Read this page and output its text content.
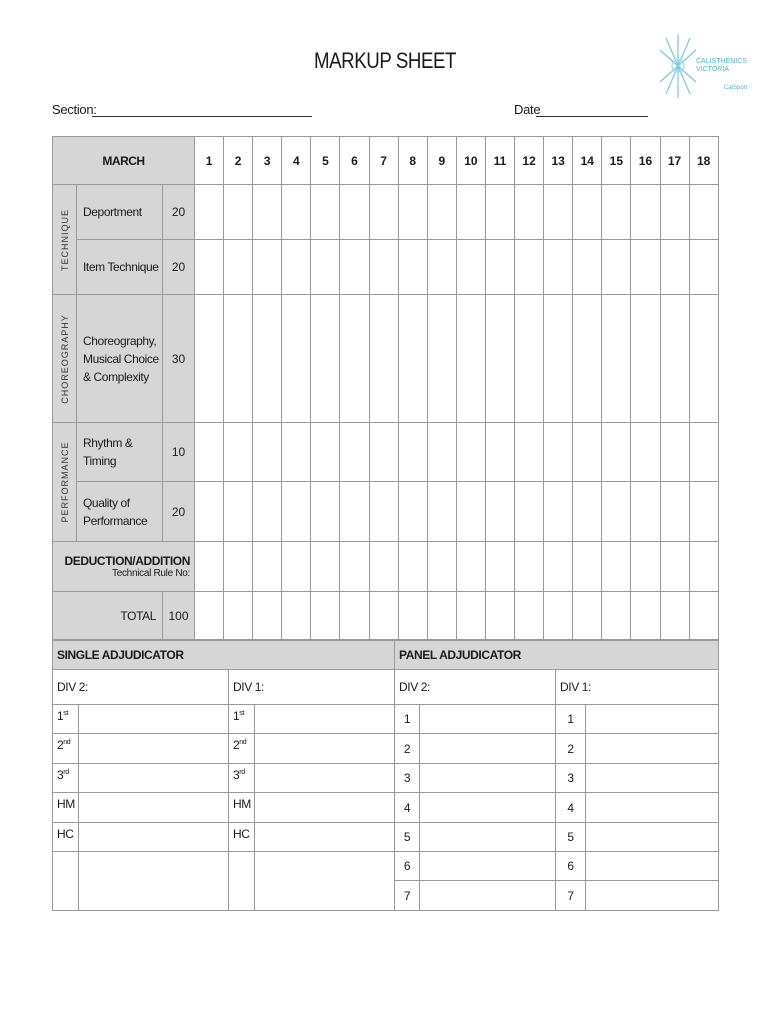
MARKUP SHEET	CALISTHENICS
VICTORIA
CalSport
Section:	Date
MARCH			1	2	3	4	5	6	7	8	9	10	11	12	13	14	15	16	17	18

TECHNIQUE	Deportment	20																		
	Item Technique	20																		

CHOREOGRAPHY	Choreography, Musical Choice & Complexity	30																		

PERFORMANCE	Rhythm & Timing	10																		
	Quality of Performance	20																		

DEDUCTION/ADDITION
Technical Rule No:																				

TOTAL		100																		
SINGLE ADJUDICATOR				PANEL ADJUDICATOR			
DIV 2:		DIV 1:		DIV 2:		DIV 1:	
1st		1st		1		1	
2nd		2nd		2		2	
3rd		3rd		3		3	
HM		HM		4		4	
HC		HC		5		5	
				6		6	
				7		7	
